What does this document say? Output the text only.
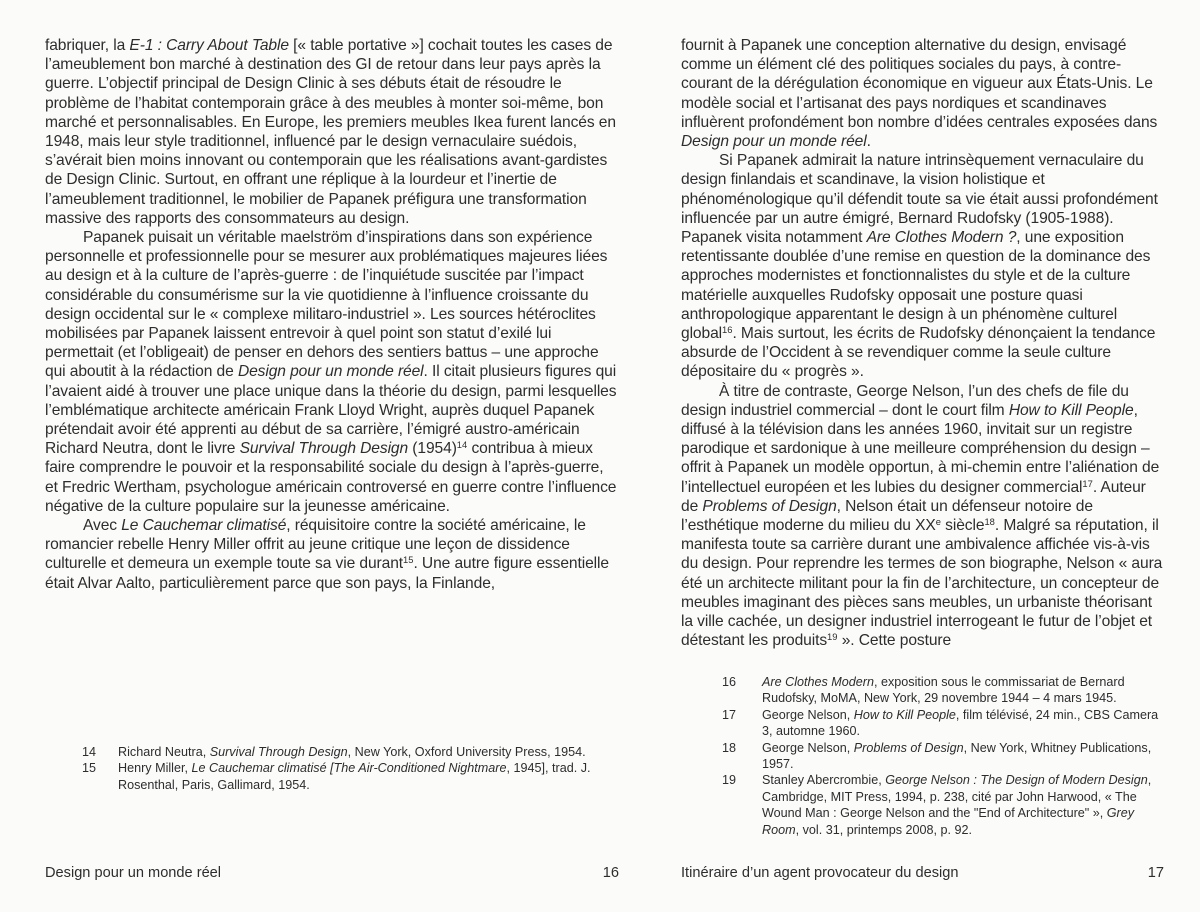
fabriquer, la E-1 : Carry About Table [« table portative »] cochait toutes les cases de l’ameublement bon marché à destination des GI de retour dans leur pays après la guerre. L’objectif principal de Design Clinic à ses débuts était de résoudre le problème de l’habitat contemporain grâce à des meubles à monter soi-même, bon marché et personnalisables. En Europe, les premiers meubles Ikea furent lancés en 1948, mais leur style traditionnel, influencé par le design vernaculaire suédois, s’avérait bien moins innovant ou contemporain que les réalisations avant-gardistes de Design Clinic. Surtout, en offrant une réplique à la lourdeur et l’inertie de l’ameublement traditionnel, le mobilier de Papanek préfigura une transformation massive des rapports des consommateurs au design.

Papanek puisait un véritable maelström d’inspirations dans son expérience personnelle et professionnelle pour se mesurer aux problématiques majeures liées au design et à la culture de l’après-guerre : de l’inquiétude suscitée par l’impact considérable du consumérisme sur la vie quotidienne à l’influence croissante du design occidental sur le « complexe militaro-industriel ». Les sources hétéroclites mobilisées par Papanek laissent entrevoir à quel point son statut d’exilé lui permettait (et l’obligeait) de penser en dehors des sentiers battus – une approche qui aboutit à la rédaction de Design pour un monde réel. Il citait plusieurs figures qui l’avaient aidé à trouver une place unique dans la théorie du design, parmi lesquelles l’emblématique architecte américain Frank Lloyd Wright, auprès duquel Papanek prétendait avoir été apprenti au début de sa carrière, l’émigré austro-américain Richard Neutra, dont le livre Survival Through Design $(1954)^{14}$ contribua à mieux faire comprendre le pouvoir et la responsabilité sociale du design à l’après-guerre, et Fredric Wertham, psychologue américain controversé en guerre contre l’influence négative de la culture populaire sur la jeunesse américaine.

Avec Le Cauchemar climatisé, réquisitoire contre la société américaine, le romancier rebelle Henry Miller offrit au jeune critique une leçon de dissidence culturelle et demeura un exemple toute sa vie durant$^{15}$. Une autre figure essentielle était Alvar Aalto, particulièrement parce que son pays, la Finlande,

14 Richard Neutra, Survival Through Design, New York, Oxford University Press, 1954.
15 Henry Miller, Le Cauchemar climatisé [The Air-Conditioned Nightmare, 1945], trad. J. Rosenthal, Paris, Gallimard, 1954.
Design pour un monde réel	16

fournit à Papanek une conception alternative du design, envisagé comme un élément clé des politiques sociales du pays, à contre-courant de la dérégulation économique en vigueur aux États-Unis. Le modèle social et l’artisanat des pays nordiques et scandinaves influèrent profondément bon nombre d’idées centrales exposées dans Design pour un monde réel.

Si Papanek admirait la nature intrinsèquement vernaculaire du design finlandais et scandinave, la vision holistique et phénoménologique qu’il défendit toute sa vie était aussi profondément influencée par un autre émigré, Bernard Rudofsky (1905-1988). Papanek visita notamment Are Clothes Modern ?, une exposition retentissante doublée d’une remise en question de la dominance des approches modernistes et fonctionnalistes du style et de la culture matérielle auxquelles Rudofsky opposait une posture quasi anthropologique apparentant le design à un phénomène culturel global$^{16}$. Mais surtout, les écrits de Rudofsky dénonçaient la tendance absurde de l’Occident à se revendiquer comme la seule culture dépositaire du « progrès ».

À titre de contraste, George Nelson, l’un des chefs de file du design industriel commercial – dont le court film How to Kill People, diffusé à la télévision dans les années 1960, invitait sur un registre parodique et sardonique à une meilleure compréhension du design – offrit à Papanek un modèle opportun, à mi-chemin entre l’aliénation de l’intellectuel européen et les lubies du designer commercial$^{17}$. Auteur de Problems of Design, Nelson était un défenseur notoire de l’esthétique moderne du milieu du XXe siècle$^{18}$. Malgré sa réputation, il manifesta toute sa carrière durant une ambivalence affichée vis-à-vis du design. Pour reprendre les termes de son biographe, Nelson « aura été un architecte militant pour la fin de l’architecture, un concepteur de meubles imaginant des pièces sans meubles, un urbaniste théorisant la ville cachée, un designer industriel interrogeant le futur de l’objet et détestant les produits$^{19}$ ». Cette posture

16 Are Clothes Modern, exposition sous le commissariat de Bernard Rudofsky, MoMA, New York, 29 novembre 1944 – 4 mars 1945.
17 George Nelson, How to Kill People, film télévisé, 24 min., CBS Camera 3, automne 1960.
18 George Nelson, Problems of Design, New York, Whitney Publications, 1957.
19 Stanley Abercrombie, George Nelson : The Design of Modern Design, Cambridge, MIT Press, 1994, p. 238, cité par John Harwood, « The Wound Man : George Nelson and the "End of Architecture" », Grey Room, vol. 31, printemps 2008, p. 92.
Itinéraire d’un agent provocateur du design	17
